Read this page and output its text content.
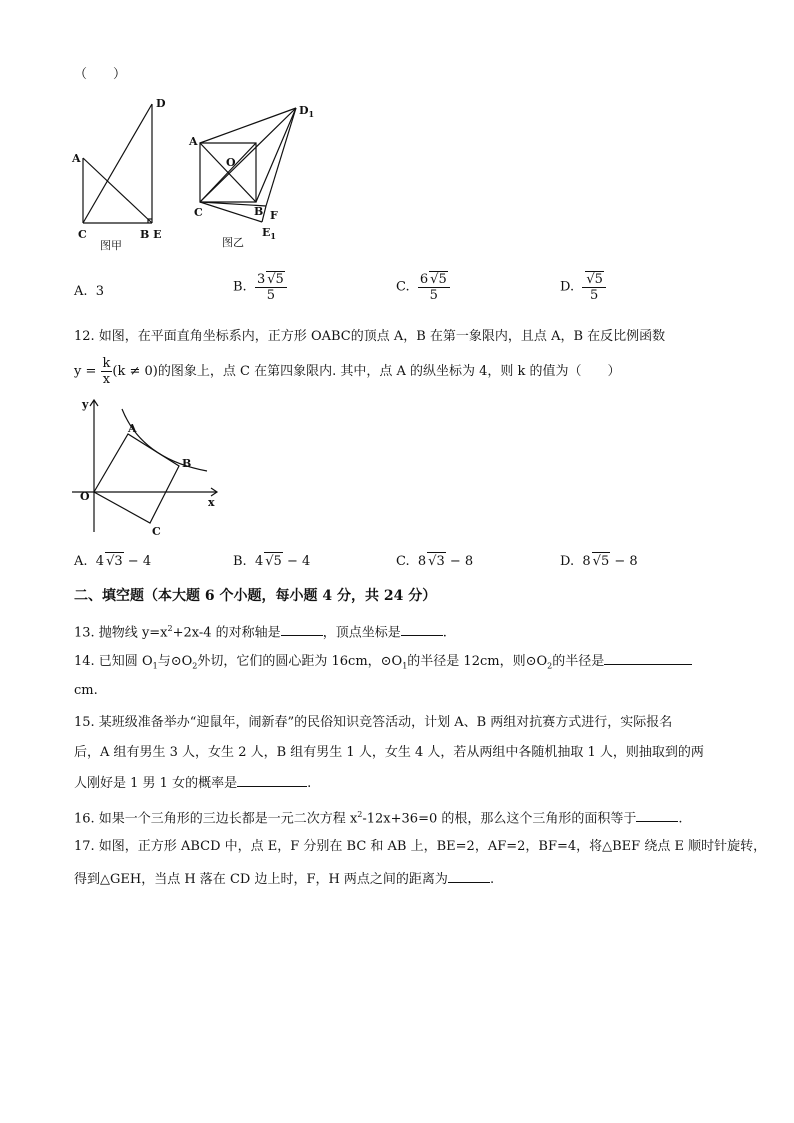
（　　）
D
A
C	B E
图甲
$D_1$
A
O
C	B F
$E_1$
图乙
A. 3	B. $\frac{3 √5}{5}$	C. $\frac{6 √5}{5}$	D. $\frac{√5}{5}$
12. 如图，在平面直角坐标系内，正方形 OABC的顶点 A，B 在第一象限内，且点 A，B 在反比例函数
$y = \frac{k}{x} (k \ne 0)$的图象上，点 C 在第四象限内. 其中，点 A 的纵坐标为 4，则 k 的值为（　　）
y
x
O
A
B
C
A. 4 √3 − 4	B. 4 √5 − 4	C. 8 √3 − 8	D. 8 √5 − 8
二、填空题（本大题 6 个小题，每小题 4 分，共 24 分）
13. 抛物线 $y=x^2+2x-4$ 的对称轴是	，顶点坐标是	.
14. 已知圆 $O_1$与$⊙O_2$外切，它们的圆心距为 16cm，$⊙O_1$的半径是 12cm，则$⊙O_2$的半径是
cm.
15. 某班级准备举办“迎鼠年，闹新春”的民俗知识竞答活动，计划 A、B 两组对抗赛方式进行，实际报名
后，A 组有男生 3 人，女生 2 人，B 组有男生 1 人，女生 4 人，若从两组中各随机抽取 1 人，则抽取到的两
人刚好是 1 男 1 女的概率是	.
16. 如果一个三角形的三边长都是一元二次方程 $x^2-12x+36=0$ 的根，那么这个三角形的面积等于	.
17. 如图，正方形 ABCD 中，点 E，F 分别在 BC 和 AB 上，BE=2，AF=2，BF=4，将△BEF 绕点 E 顺时针旋转，
得到△GEH，当点 H 落在 CD 边上时，F，H 两点之间的距离为	.
